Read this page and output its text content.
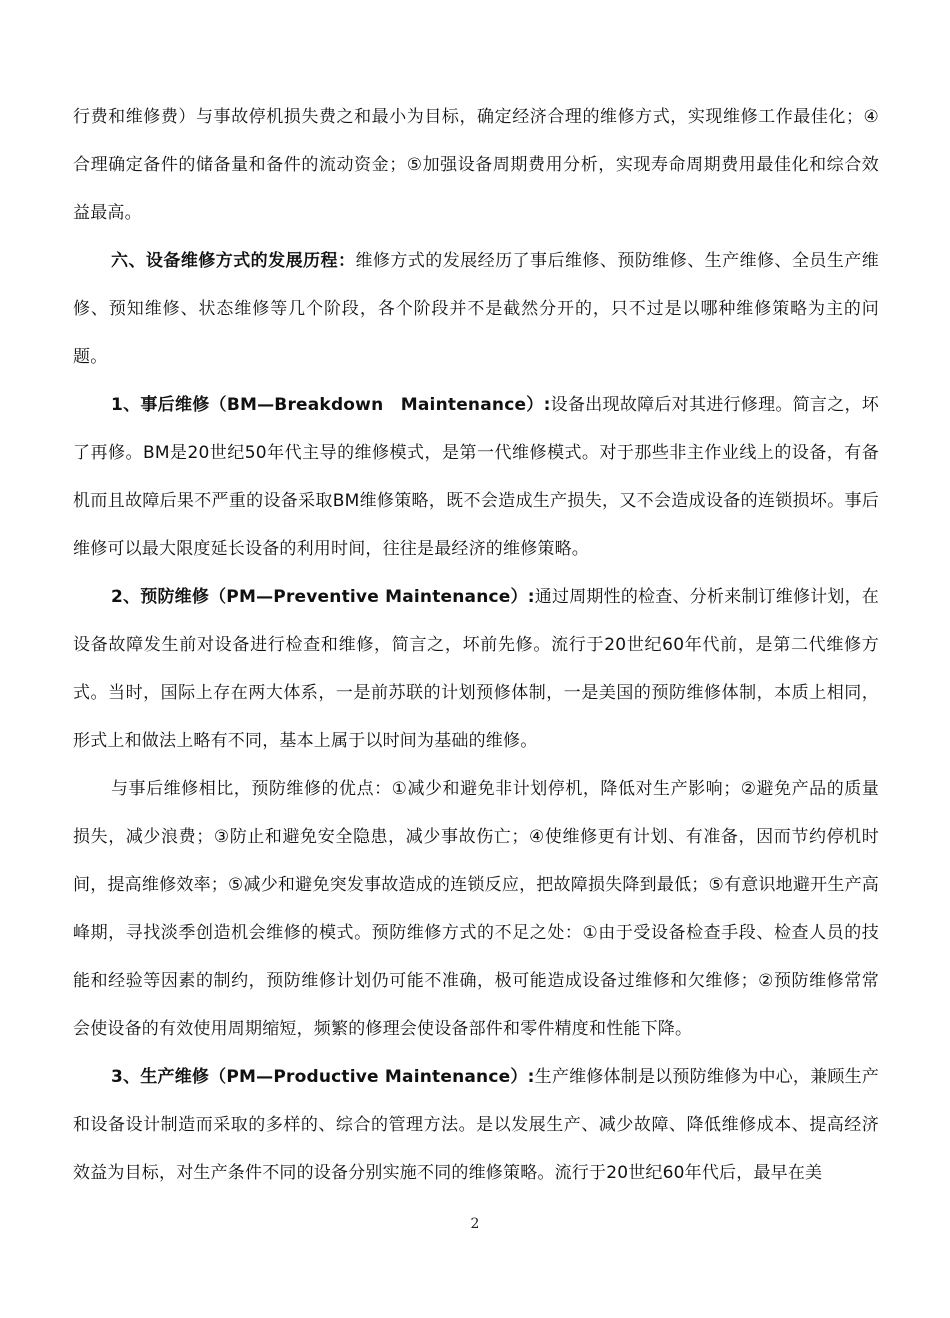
行费和维修费）与事故停机损失费之和最小为目标，确定经济合理的维修方式，实现维修工作最佳化；④合理确定备件的储备量和备件的流动资金；⑤加强设备周期费用分析，实现寿命周期费用最佳化和综合效益最高。

六、设备维修方式的发展历程：维修方式的发展经历了事后维修、预防维修、生产维修、全员生产维修、预知维修、状态维修等几个阶段，各个阶段并不是截然分开的，只不过是以哪种维修策略为主的问题。

1、事后维修（BM—Breakdown　Maintenance）:设备出现故障后对其进行修理。简言之，坏了再修。BM是20世纪50年代主导的维修模式，是第一代维修模式。对于那些非主作业线上的设备，有备机而且故障后果不严重的设备采取BM维修策略，既不会造成生产损失，又不会造成设备的连锁损坏。事后维修可以最大限度延长设备的利用时间，往往是最经济的维修策略。

2、预防维修（PM—Preventive Maintenance）:通过周期性的检查、分析来制订维修计划，在设备故障发生前对设备进行检查和维修，简言之，坏前先修。流行于20世纪60年代前，是第二代维修方式。当时，国际上存在两大体系，一是前苏联的计划预修体制，一是美国的预防维修体制，本质上相同，形式上和做法上略有不同，基本上属于以时间为基础的维修。

与事后维修相比，预防维修的优点：①减少和避免非计划停机，降低对生产影响；②避免产品的质量损失，减少浪费；③防止和避免安全隐患，减少事故伤亡；④使维修更有计划、有准备，因而节约停机时间，提高维修效率；⑤减少和避免突发事故造成的连锁反应，把故障损失降到最低；⑤有意识地避开生产高峰期，寻找淡季创造机会维修的模式。预防维修方式的不足之处：①由于受设备检查手段、检查人员的技能和经验等因素的制约，预防维修计划仍可能不准确，极可能造成设备过维修和欠维修；②预防维修常常会使设备的有效使用周期缩短，频繁的修理会使设备部件和零件精度和性能下降。

3、生产维修（PM—Productive Maintenance）:生产维修体制是以预防维修为中心，兼顾生产和设备设计制造而采取的多样的、综合的管理方法。是以发展生产、减少故障、降低维修成本、提高经济效益为目标，对生产条件不同的设备分别实施不同的维修策略。流行于20世纪60年代后，最早在美

2
